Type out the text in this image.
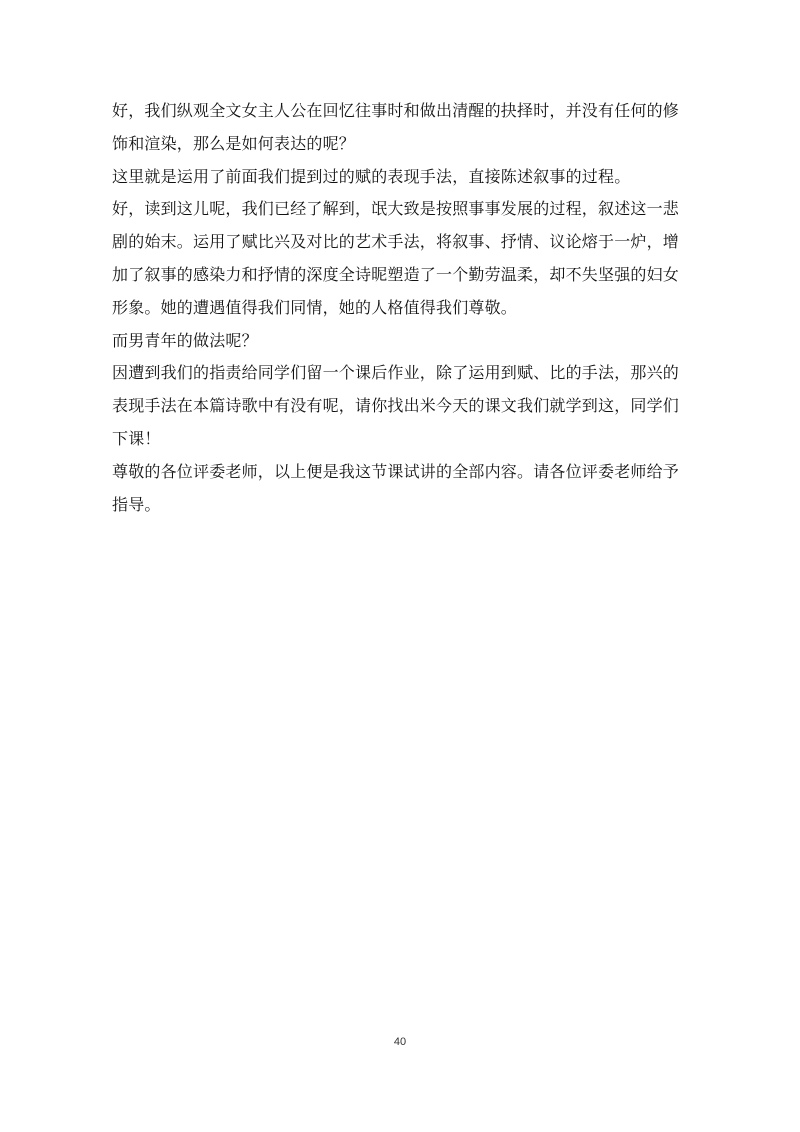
好，我们纵观全文女主人公在回忆往事时和做出清醒的抉择时，并没有任何的修
饰和渲染，那么是如何表达的呢？

这里就是运用了前面我们提到过的赋的表现手法，直接陈述叙事的过程。

好，读到这儿呢，我们已经了解到，氓大致是按照事事发展的过程，叙述这一悲
剧的始末。运用了赋比兴及对比的艺术手法，将叙事、抒情、议论熔于一炉，增
加了叙事的感染力和抒情的深度全诗昵塑造了一个勤劳温柔，却不失坚强的妇女
形象。她的遭遇值得我们同情，她的人格值得我们尊敬。

而男青年的做法呢？

因遭到我们的指责给同学们留一个课后作业，除了运用到赋、比的手法，那兴的
表现手法在本篇诗歌中有没有呢，请你找出米今天的课文我们就学到这，同学们
下课！

尊敬的各位评委老师，以上便是我这节课试讲的全部内容。请各位评委老师给予
指导。

40
